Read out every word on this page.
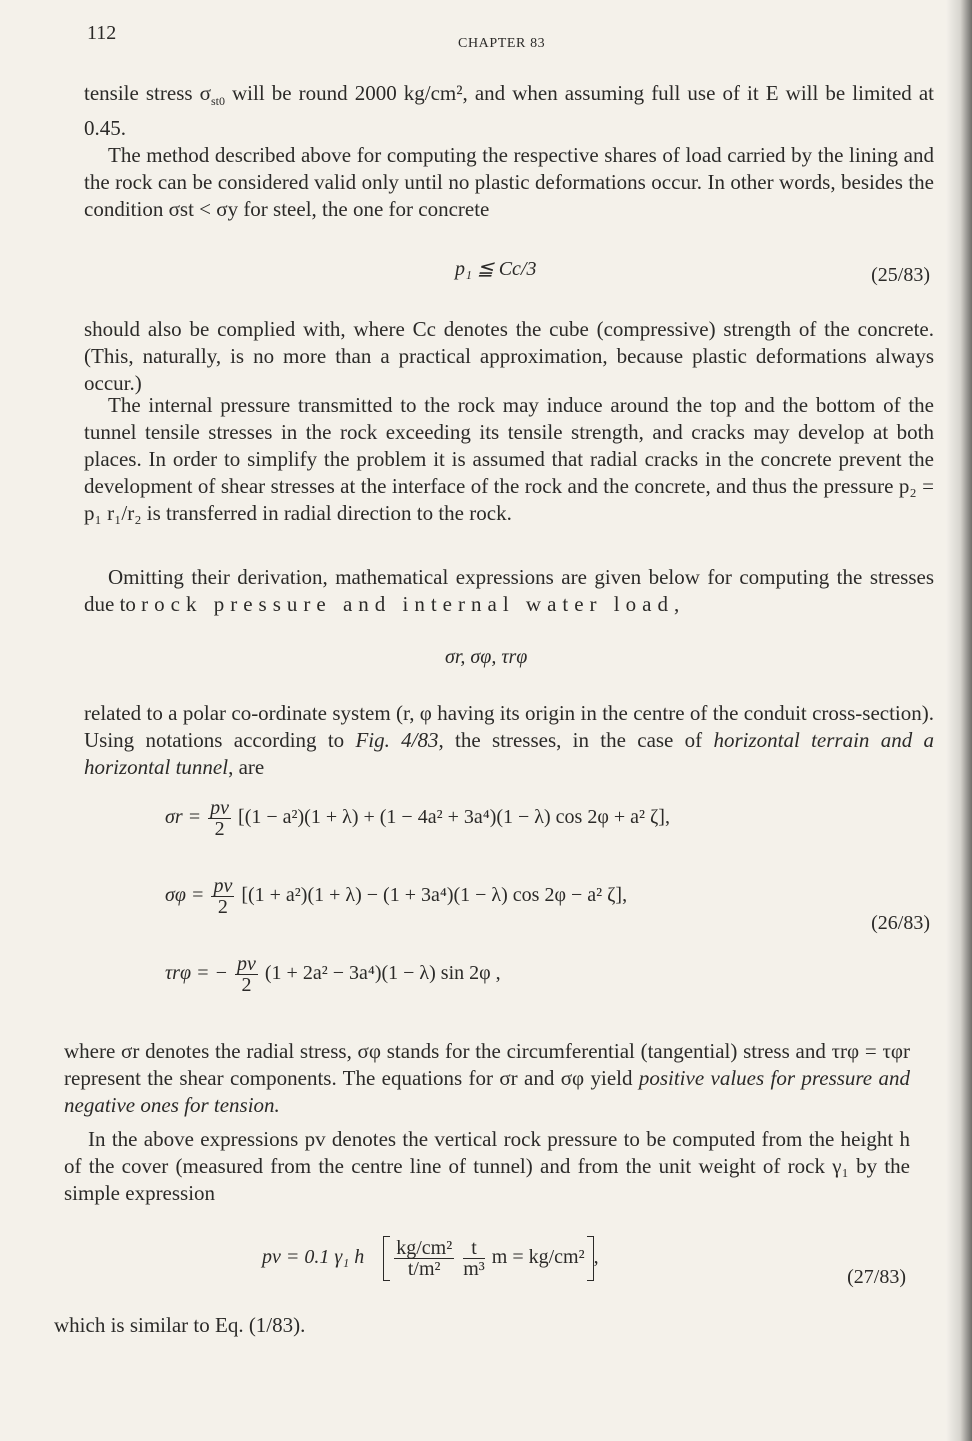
112	CHAPTER 83

tensile stress $\sigma_{st0}$ will be round 2000 kg/cm², and when assuming full use of it E will be limited at 0.45.

The method described above for computing the respective shares of load carried by the lining and the rock can be considered valid only until no plastic deformations occur. In other words, besides the condition σst < σy for steel, the one for concrete

p₁ ≦ Cc/3	(25/83)

should also be complied with, where Cc denotes the cube (compressive) strength of the concrete. (This, naturally, is no more than a practical approximation, because plastic deformations always occur.)

The internal pressure transmitted to the rock may induce around the top and the bottom of the tunnel tensile stresses in the rock exceeding its tensile strength, and cracks may develop at both places. In order to simplify the problem it is assumed that radial cracks in the concrete prevent the development of shear stresses at the interface of the rock and the concrete, and thus the pressure p₂ = p₁ r₁/r₂ is transferred in radial direction to the rock.

Omitting their derivation, mathematical expressions are given below for computing the stresses due to rock pressure and internal water load,

σr, σφ, τrφ

related to a polar co-ordinate system (r, φ having its origin in the centre of the conduit cross-section). Using notations according to Fig. 4/83, the stresses, in the case of horizontal terrain and a horizontal tunnel, are

$\sigma r = \frac{pv}{2} [(1 - a^2)(1 + \lambda) + (1 - 4a^2 + 3a^4)(1 - \lambda)$ cos 2φ + a² ζ],
$\sigma\varphi = \frac{pv}{2} [(1 + a^2)(1 + \lambda) - (1 + 3a^4)(1 - \lambda)$ cos 2φ − a² ζ],
(26/83)
τrφ = − $\frac{pv}{2} (1 + 2a^2 - 3a^4)(1 - \lambda)$ sin 2φ ,

where σr denotes the radial stress, σφ stands for the circumferential (tangential) stress and τrφ = τφr represent the shear components. The equations for σr and σφ yield positive values for pressure and negative ones for tension.

In the above expressions pv denotes the vertical rock pressure to be computed from the height h of the cover (measured from the centre line of tunnel) and from the unit weight of rock γ₁ by the simple expression

pv = 0.1 γ₁ h $\frac{\text{kg/cm²}}{\text{t/m²}}$
$\frac{t}{\text{m³}}$ m = kg/cm² ,
(27/83)

which is similar to Eq. (1/83).
